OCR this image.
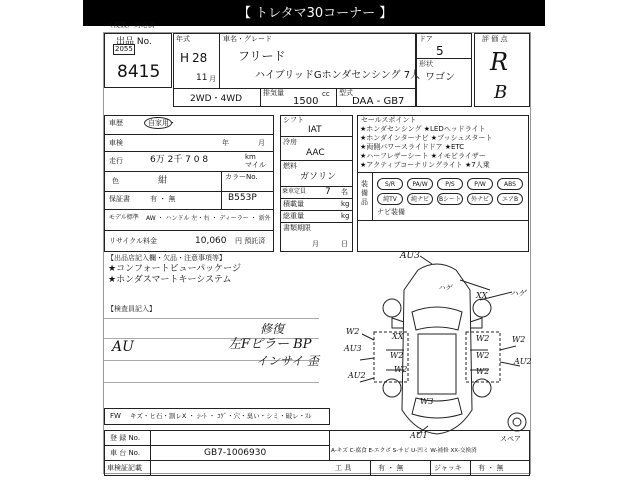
【 トレタマ30コーナー 】
（複数）対応済
出品 No.
2055
8415
年式
H 28
11 月
車名・グレード
フリード
ハイブリッドGホンダセンシング 7人
2WD・4WD
排気量
1500
cc 型式
DAA - GB7
ドア
5
形状
ワゴン
評 価 点
R
B
車歴	自家用・
車検	年	月
走行	6万 2千 7 0 8	km
マイル
色	紺	カラーNo.
B553P
保証書	有 ・ 無
モデル標準 AW ・ ハンドル 左・右 ・ ディーラー ・ 新外
リサイクル料金	10,060 円 預託済
シフト
IAT
冷房
AAC
燃料
ガソリン
乗車定員 7 名
積載量	kg
総重量	kg
書類期限
月	日
セールスポイント
★ホンダセンシング ★LEDヘッドライト
★ホンダインターナビ ★プッシュスタート
★両側パワースライドドア ★ETC
★ハーフレザーシート ★イモビライザー
★アクティブコーナリングライト ★7人乗
装備品
S/R	PA/W	P/S	P/W	ABS
純TV	純ナビ	Bシート	外ナビ	エアB
ナビ装備
【出品店記入欄・欠品・注意事項等】
★コンフォートビューパッケージ
★ホンダスマートキーシステム
【検査員記入】
AU
修復
左Fピラー BP
インサイ 歪
FW キズ・ヒ石・割レX ・ ｼｰﾄ ・ ｺｹﾞ・穴・臭い・シミ・破レ・ｽﾚ
登 録 No.
車 台 No.	GB7-1006930
車検証記載	工 具	有 ・ 無	ジャッキ 有 ・ 無
AU3
ハゲ
XX	ハゲ
W2
XX
AU3
W2
W2
W2
W2
AU2
AU2
W2
W3
AU1
W2
スペア
A-キズ C-腐食 E-エクボ S-サビ U-凹ミ W-補修 XX-交換済
